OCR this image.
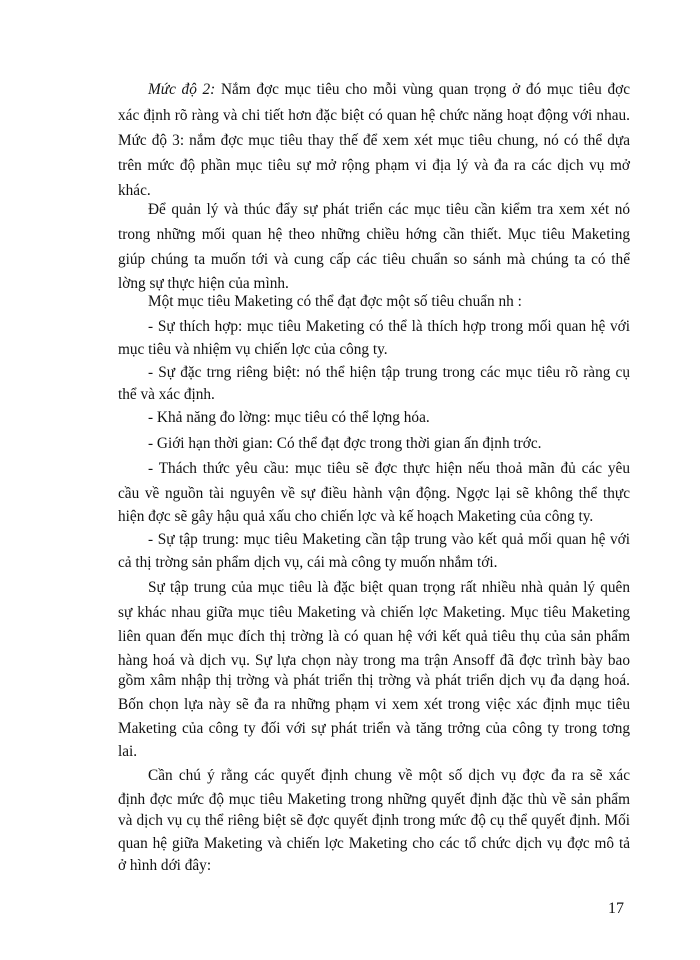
Mức độ 2: Nắm đợc mục tiêu cho mỗi vùng quan trọng ở đó mục tiêu đợc
xác định rõ ràng và chi tiết hơn đặc biệt có quan hệ chức năng hoạt động với nhau.
Mức độ 3: nắm đợc mục tiêu thay thế để xem xét mục tiêu chung, nó có thể dựa
trên mức độ phần mục tiêu sự mở rộng phạm vi địa lý và đa ra các dịch vụ mở
khác.
Để quản lý và thúc đẩy sự phát triển các mục tiêu cần kiểm tra xem xét nó
trong những mối quan hệ theo những chiều hớng cần thiết. Mục tiêu Maketing
giúp chúng ta muốn tới và cung cấp các tiêu chuẩn so sánh mà chúng ta có thể
lờng sự thực hiện của mình.
Một mục tiêu Maketing có thể đạt đợc một số tiêu chuẩn nh :
- Sự thích hợp: mục tiêu Maketing có thể là thích hợp trong mối quan hệ với
mục tiêu và nhiệm vụ chiến lợc của công ty.
- Sự đặc trng riêng biệt: nó thể hiện tập trung trong các mục tiêu rõ ràng cụ
thể và xác định.
- Khả năng đo lờng: mục tiêu có thể lợng hóa.
- Giới hạn thời gian: Có thể đạt đợc trong thời gian ấn định trớc.
- Thách thức yêu cầu: mục tiêu sẽ đợc thực hiện nếu thoả mãn đủ các yêu
cầu về nguồn tài nguyên về sự điều hành vận động. Ngợc lại sẽ không thể thực
hiện đợc sẽ gây hậu quả xấu cho chiến lợc và kế hoạch Maketing của công ty.
- Sự tập trung: mục tiêu Maketing cần tập trung vào kết quả mối quan hệ với
cả thị trờng sản phẩm dịch vụ, cái mà công ty muốn nhắm tới.
Sự tập trung của mục tiêu là đặc biệt quan trọng rất nhiều nhà quản lý quên
sự khác nhau giữa mục tiêu Maketing và chiến lợc Maketing. Mục tiêu Maketing
liên quan đến mục đích thị trờng là có quan hệ với kết quả tiêu thụ của sản phẩm
hàng hoá và dịch vụ. Sự lựa chọn này trong ma trận Ansoff đã đợc trình bày bao
gồm xâm nhập thị trờng và phát triển thị trờng và phát triển dịch vụ đa dạng hoá.
Bốn chọn lựa này sẽ đa ra những phạm vi xem xét trong việc xác định mục tiêu
Maketing của công ty đối với sự phát triển và tăng trởng của công ty trong tơng
lai.
Cần chú ý rằng các quyết định chung về một số dịch vụ đợc đa ra sẽ xác
định đợc mức độ mục tiêu Maketing trong những quyết định đặc thù về sản phẩm
và dịch vụ cụ thể riêng biệt sẽ đợc quyết định trong mức độ cụ thể quyết định. Mối
quan hệ giữa Maketing và chiến lợc Maketing cho các tổ chức dịch vụ đợc mô tả
ở hình dới đây:
17
